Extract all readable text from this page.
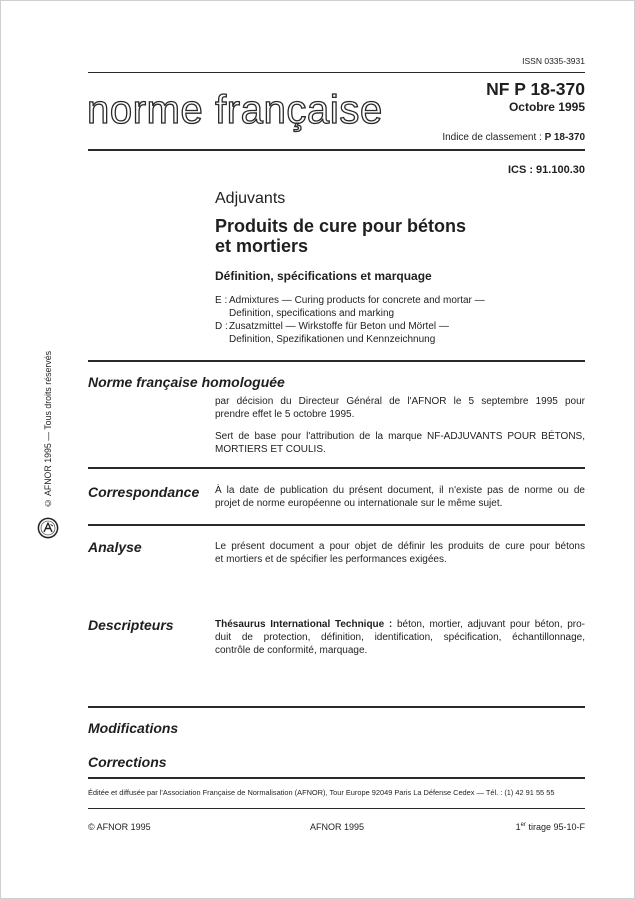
ISSN 0335-3931
norme française	NF P 18-370
Octobre 1995
Indice de classement : P 18-370
ICS : 91.100.30
Adjuvants
Produits de cure pour bétons
et mortiers
Définition, spécifications et marquage
E : Admixtures — Curing products for concrete and mortar —
Definition, specifications and marking
D : Zusatzmittel — Wirkstoffe für Beton und Mörtel —
Definition, Spezifikationen und Kennzeichnung
Norme française homologuée
par décision du Directeur Général de l'AFNOR le 5 septembre 1995 pour
prendre effet le 5 octobre 1995.
Sert de base pour l'attribution de la marque NF-ADJUVANTS POUR BÉTONS,
MORTIERS ET COULIS.
Correspondance À la date de publication du présent document, il n'existe pas de norme ou de
projet de norme européenne ou internationale sur le même sujet.
Analyse	Le présent document a pour objet de définir les produits de cure pour bétons
et mortiers et de spécifier les performances exigées.
Descripteurs	Thésaurus International Technique : béton, mortier, adjuvant pour béton, pro-
duit de protection, définition, identification, spécification, échantillonnage,
contrôle de conformité, marquage.
Modifications
Corrections
Éditée et diffusée par l'Association Française de Normalisation (AFNOR), Tour Europe 92049 Paris La Défense Cedex — Tél. : (1) 42 91 55 55
© AFNOR 1995	AFNOR 1995	1er tirage 95-10-F
© AFNOR 1995 — Tous droits réservés
